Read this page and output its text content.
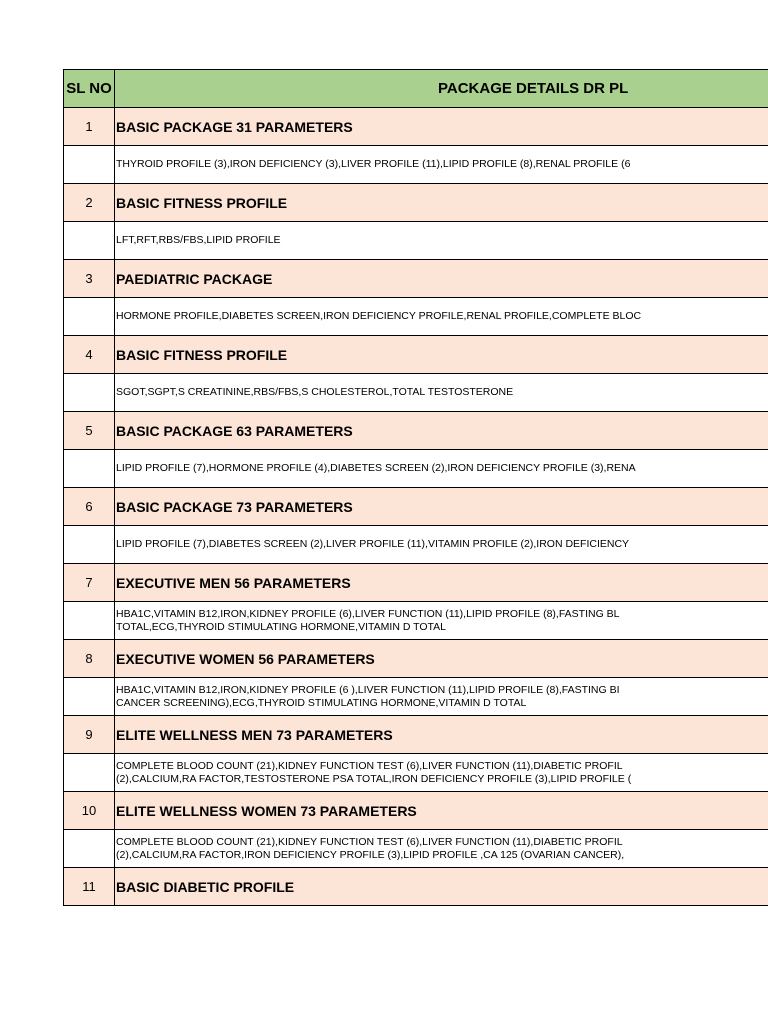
SL NO	PACKAGE DETAILS DR PL
1	BASIC PACKAGE 31 PARAMETERS

	THYROID PROFILE (3),IRON DEFICIENCY (3),LIVER PROFILE (11),LIPID PROFILE (8),RENAL PROFILE (6

2	BASIC FITNESS PROFILE

	LFT,RFT,RBS/FBS,LIPID PROFILE

3	PAEDIATRIC PACKAGE

	HORMONE PROFILE,DIABETES SCREEN,IRON DEFICIENCY PROFILE,RENAL PROFILE,COMPLETE BLOC

4	BASIC FITNESS PROFILE

	SGOT,SGPT,S CREATININE,RBS/FBS,S CHOLESTEROL,TOTAL TESTOSTERONE

5	BASIC PACKAGE 63 PARAMETERS

	LIPID PROFILE (7),HORMONE PROFILE (4),DIABETES SCREEN (2),IRON DEFICIENCY PROFILE (3),RENA

6	BASIC PACKAGE 73 PARAMETERS

	LIPID PROFILE (7),DIABETES SCREEN (2),LIVER PROFILE (11),VITAMIN PROFILE (2),IRON DEFICIENCY

7	EXECUTIVE MEN 56 PARAMETERS

	HBA1C,VITAMIN B12,IRON,KIDNEY PROFILE (6),LIVER FUNCTION (11),LIPID PROFILE (8),FASTING BL
TOTAL,ECG,THYROID STIMULATING HORMONE,VITAMIN D TOTAL

8	EXECUTIVE WOMEN 56 PARAMETERS

	HBA1C,VITAMIN B12,IRON,KIDNEY PROFILE (6 ),LIVER FUNCTION (11),LIPID PROFILE (8),FASTING BI
CANCER SCREENING),ECG,THYROID STIMULATING HORMONE,VITAMIN D TOTAL

9	ELITE WELLNESS MEN 73 PARAMETERS

	COMPLETE BLOOD COUNT (21),KIDNEY FUNCTION TEST (6),LIVER FUNCTION (11),DIABETIC PROFIL
(2),CALCIUM,RA FACTOR,TESTOSTERONE PSA TOTAL,IRON DEFICIENCY PROFILE (3),LIPID PROFILE (

10	ELITE WELLNESS WOMEN 73 PARAMETERS

	COMPLETE BLOOD COUNT (21),KIDNEY FUNCTION TEST (6),LIVER FUNCTION (11),DIABETIC PROFIL
(2),CALCIUM,RA FACTOR,IRON DEFICIENCY PROFILE (3),LIPID PROFILE ,CA 125 (OVARIAN CANCER),

11	BASIC DIABETIC PROFILE
